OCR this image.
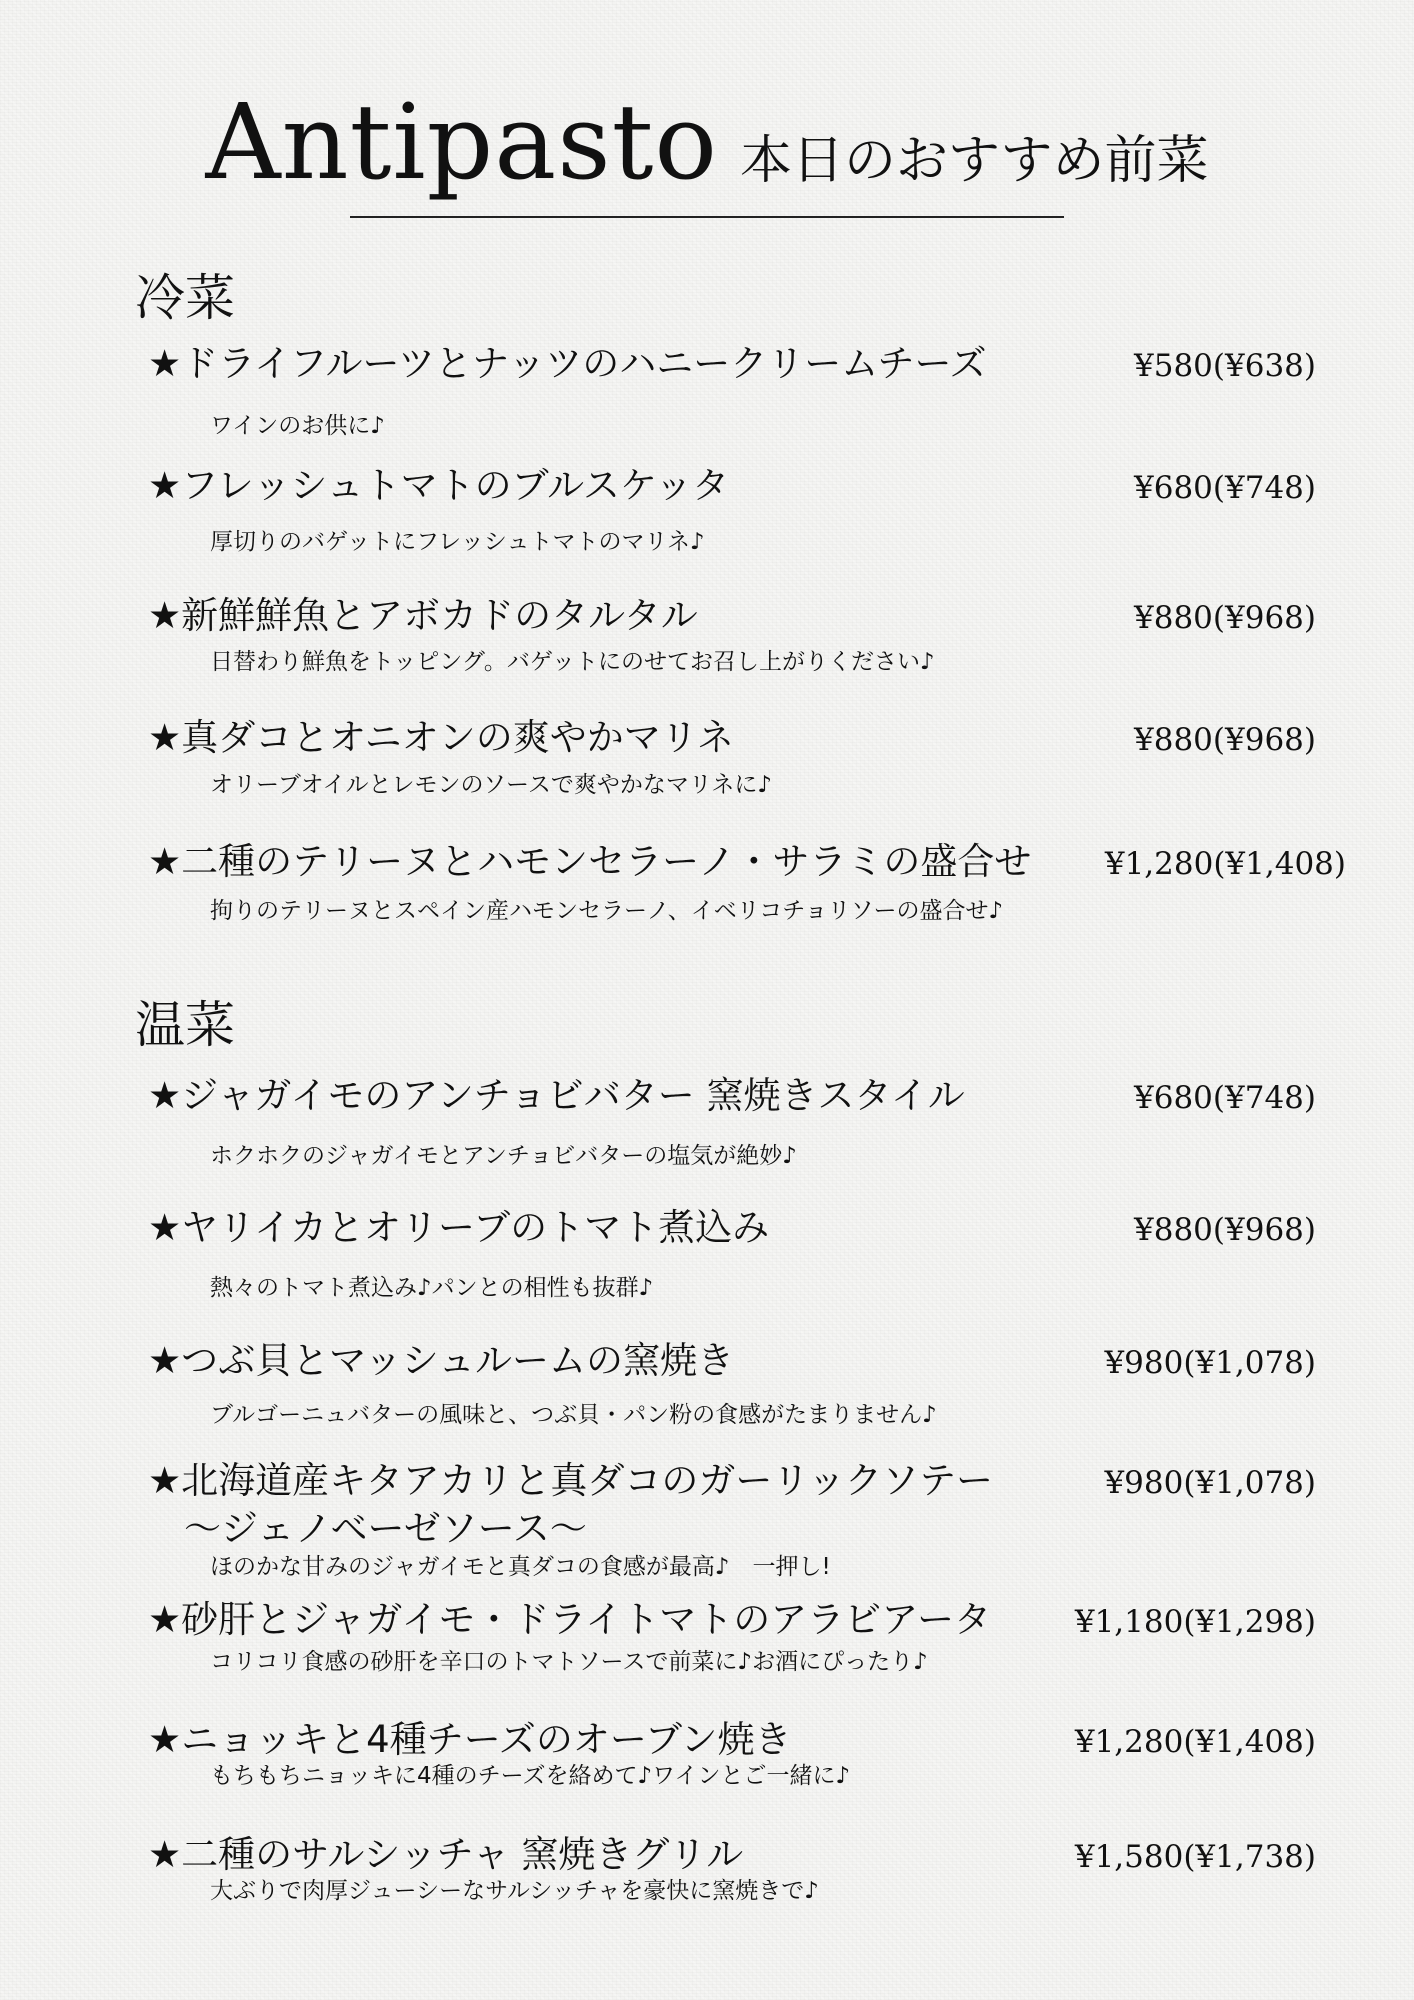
Antipasto 本日のおすすめ前菜
冷菜
★ドライフルーツとナッツのハニークリームチーズ	¥580(¥638)
ワインのお供に♪
★フレッシュトマトのブルスケッタ	¥680(¥748)
厚切りのバゲットにフレッシュトマトのマリネ♪
★新鮮鮮魚とアボカドのタルタル	¥880(¥968)
日替わり鮮魚をトッピング。バゲットにのせてお召し上がりください♪
★真ダコとオニオンの爽やかマリネ	¥880(¥968)
オリーブオイルとレモンのソースで爽やかなマリネに♪
★二種のテリーヌとハモンセラーノ・サラミの盛合せ ¥1,280(¥1,408)
拘りのテリーヌとスペイン産ハモンセラーノ、イベリコチョリソーの盛合せ♪
温菜
★ジャガイモのアンチョビバター 窯焼きスタイル	¥680(¥748)
ホクホクのジャガイモとアンチョビバターの塩気が絶妙♪
★ヤリイカとオリーブのトマト煮込み	¥880(¥968)
熱々のトマト煮込み♪パンとの相性も抜群♪
★つぶ貝とマッシュルームの窯焼き	¥980(¥1,078)
ブルゴーニュバターの風味と、つぶ貝・パン粉の食感がたまりません♪
★北海道産キタアカリと真ダコのガーリックソテー
～ジェノベーゼソース～
¥980(¥1,078)
ほのかな甘みのジャガイモと真ダコの食感が最高♪　一押し!
★砂肝とジャガイモ・ドライトマトのアラビアータ	¥1,180(¥1,298)
コリコリ食感の砂肝を辛口のトマトソースで前菜に♪お酒にぴったり♪
★ニョッキと4種チーズのオーブン焼き	¥1,280(¥1,408)
もちもちニョッキに4種のチーズを絡めて♪ワインとご一緒に♪
★二種のサルシッチャ 窯焼きグリル	¥1,580(¥1,738)
大ぶりで肉厚ジューシーなサルシッチャを豪快に窯焼きで♪
